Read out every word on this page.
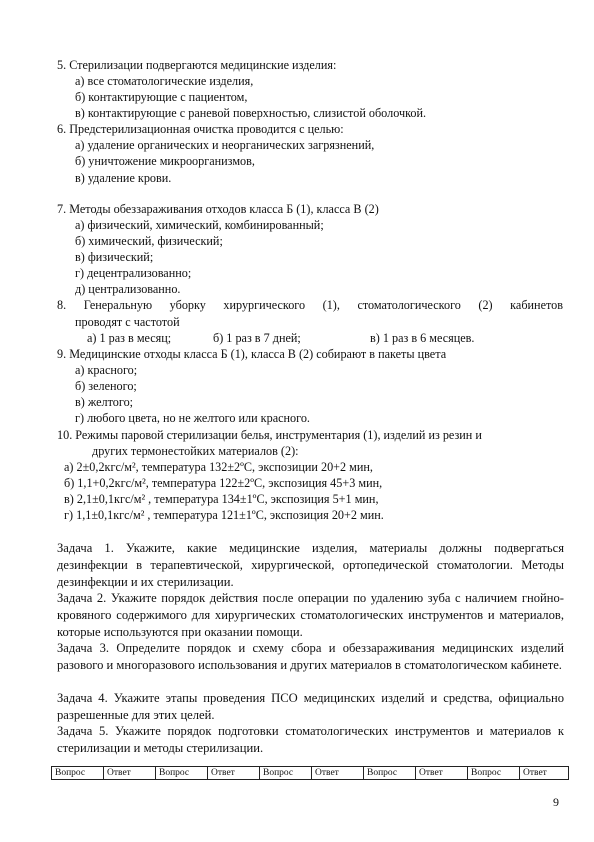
5. Стерилизации подвергаются медицинские изделия:
а) все стоматологические изделия,
б) контактирующие с пациентом,
в) контактирующие с раневой поверхностью, слизистой оболочкой.
6. Предстерилизационная очистка проводится с целью:
а) удаление органических и неорганических загрязнений,
б) уничтожение микроорганизмов,
в) удаление крови.
7. Методы обеззараживания отходов класса Б (1), класса В (2)
а) физический, химический, комбинированный;
б) химический, физический;
в) физический;
г) децентрализованно;
д) централизованно.
8. Генеральную уборку хирургического (1), стоматологического (2) кабинетов
проводят с частотой
а) 1 раз в месяц;	б) 1 раз в 7 дней;	в) 1 раз в 6 месяцев.
9. Медицинские отходы класса Б (1), класса В (2) собирают в пакеты цвета
а) красного;
б) зеленого;
в) желтого;
г) любого цвета, но не желтого или красного.
10. Режимы паровой стерилизации белья, инструментария (1), изделий из резин и
других термонестойких материалов (2):
а) 2±0,2кгс/м², температура 132±2ºС, экспозиции 20+2 мин,
б) 1,1+0,2кгс/м², температура 122±2ºС, экспозиция 45+3 мин,
в) 2,1±0,1кгс/м² , температура 134±1ºС, экспозиция 5+1 мин,
г) 1,1±0,1кгс/м² , температура 121±1ºС, экспозиция 20+2 мин.
Задача 1. Укажите, какие медицинские изделия, материалы должны подвергаться дезинфекции в терапевтической, хирургической, ортопедической стоматологии. Методы дезинфекции и их стерилизации.
Задача 2. Укажите порядок действия после операции по удалению зуба с наличием гнойно-кровяного содержимого для хирургических стоматологических инструментов и материалов, которые используются при оказании помощи.
Задача 3. Определите порядок и схему сбора и обеззараживания медицинских изделий разового и многоразового использования и других материалов в стоматологическом кабинете.
Задача 4. Укажите этапы проведения ПСО медицинских изделий и средства, официально разрешенные для этих целей.
Задача 5. Укажите порядок подготовки стоматологических инструментов и материалов к стерилизации и методы стерилизации.
Вопрос	Ответ	Вопрос	Ответ	Вопрос	Ответ	Вопрос	Ответ	Вопрос	Ответ
9
